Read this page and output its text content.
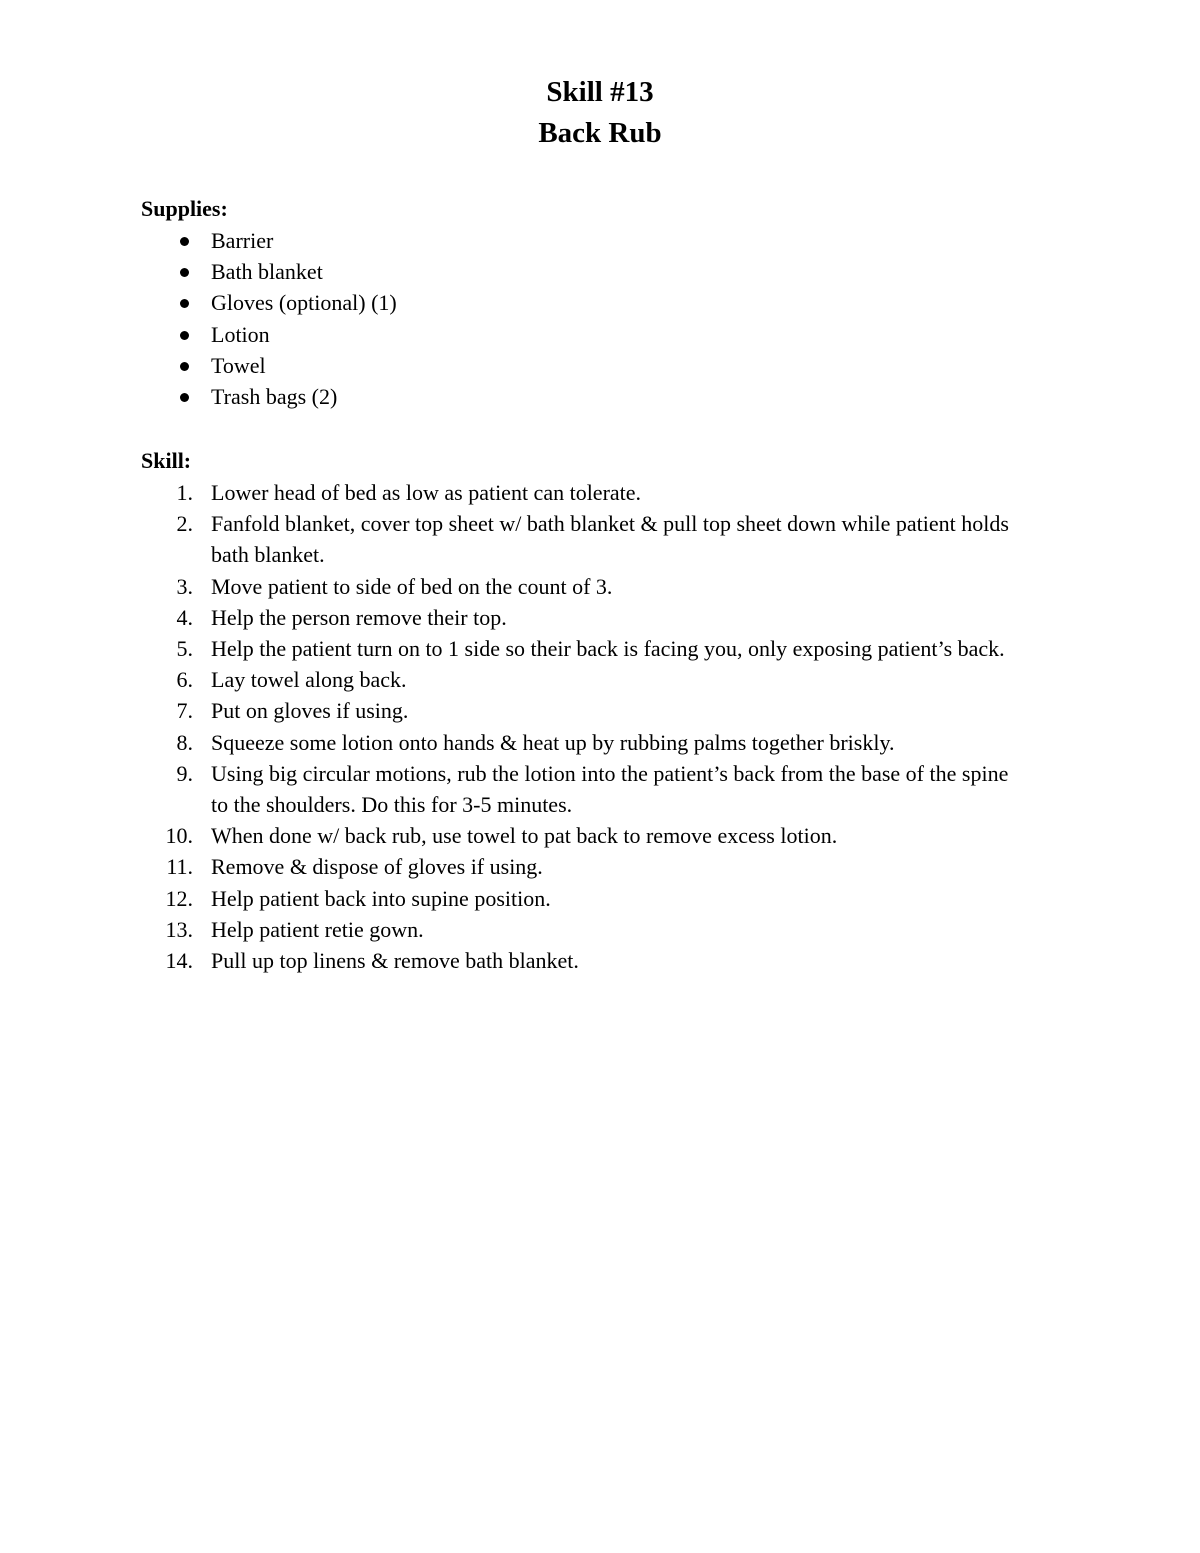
Skill #13

Back Rub

Supplies:

Barrier
Bath blanket
Gloves (optional) (1)
Lotion
Towel
Trash bags (2)

Skill:

1. Lower head of bed as low as patient can tolerate.
2. Fanfold blanket, cover top sheet w/ bath blanket & pull top sheet down while patient holds bath blanket.
3. Move patient to side of bed on the count of 3.
4. Help the person remove their top.
5. Help the patient turn on to 1 side so their back is facing you, only exposing patient’s back.
6. Lay towel along back.
7. Put on gloves if using.
8. Squeeze some lotion onto hands & heat up by rubbing palms together briskly.
9. Using big circular motions, rub the lotion into the patient’s back from the base of the spine to the shoulders. Do this for 3-5 minutes.
10. When done w/ back rub, use towel to pat back to remove excess lotion.
11. Remove & dispose of gloves if using.
12. Help patient back into supine position.
13. Help patient retie gown.
14. Pull up top linens & remove bath blanket.
